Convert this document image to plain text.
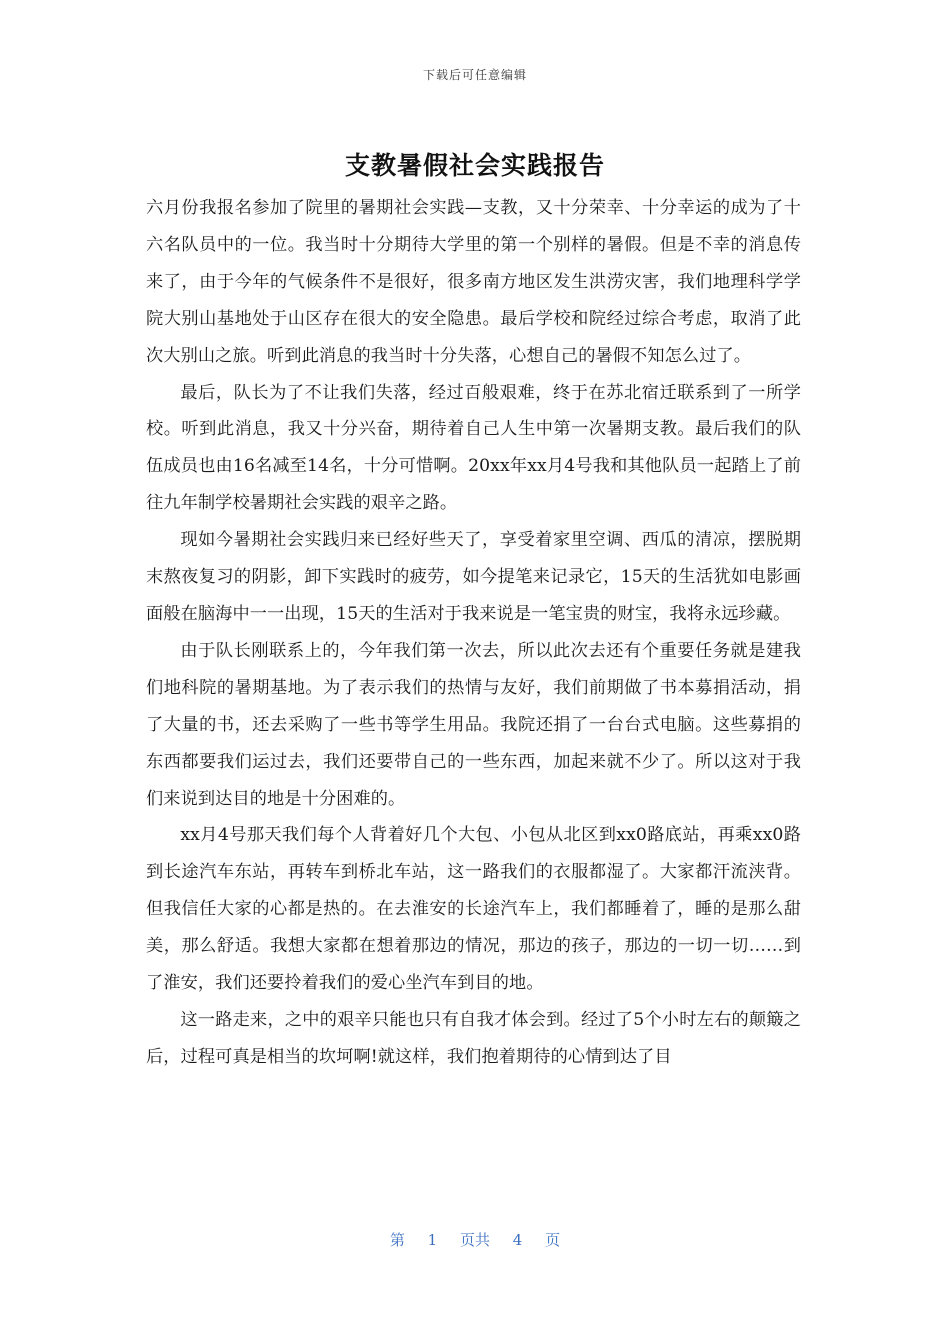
下载后可任意编辑
支教暑假社会实践报告

六月份我报名参加了院里的暑期社会实践—支教，又十分荣幸、十分幸运的成为了十六名队员中的一位。我当时十分期待大学里的第一个别样的暑假。但是不幸的消息传来了，由于今年的气候条件不是很好，很多南方地区发生洪涝灾害，我们地理科学学院大别山基地处于山区存在很大的安全隐患。最后学校和院经过综合考虑，取消了此次大别山之旅。听到此消息的我当时十分失落，心想自己的暑假不知怎么过了。

最后，队长为了不让我们失落，经过百般艰难，终于在苏北宿迁联系到了一所学校。听到此消息，我又十分兴奋，期待着自己人生中第一次暑期支教。最后我们的队伍成员也由16名减至14名，十分可惜啊。20xx年xx月4号我和其他队员一起踏上了前往九年制学校暑期社会实践的艰辛之路。

现如今暑期社会实践归来已经好些天了，享受着家里空调、西瓜的清凉，摆脱期末熬夜复习的阴影，卸下实践时的疲劳，如今提笔来记录它，15天的生活犹如电影画面般在脑海中一一出现，15天的生活对于我来说是一笔宝贵的财宝，我将永远珍藏。

由于队长刚联系上的，今年我们第一次去，所以此次去还有个重要任务就是建我们地科院的暑期基地。为了表示我们的热情与友好，我们前期做了书本募捐活动，捐了大量的书，还去采购了一些书等学生用品。我院还捐了一台台式电脑。这些募捐的东西都要我们运过去，我们还要带自己的一些东西，加起来就不少了。所以这对于我们来说到达目的地是十分困难的。

xx月4号那天我们每个人背着好几个大包、小包从北区到xx0路底站，再乘xx0路到长途汽车东站，再转车到桥北车站，这一路我们的衣服都湿了。大家都汗流浃背。但我信任大家的心都是热的。在去淮安的长途汽车上，我们都睡着了，睡的是那么甜美，那么舒适。我想大家都在想着那边的情况，那边的孩子，那边的一切一切……到了淮安，我们还要拎着我们的爱心坐汽车到目的地。

这一路走来，之中的艰辛只能也只有自我才体会到。经过了5个小时左右的颠簸之后，过程可真是相当的坎坷啊!就这样，我们抱着期待的心情到达了目

第 1 页共 4 页
